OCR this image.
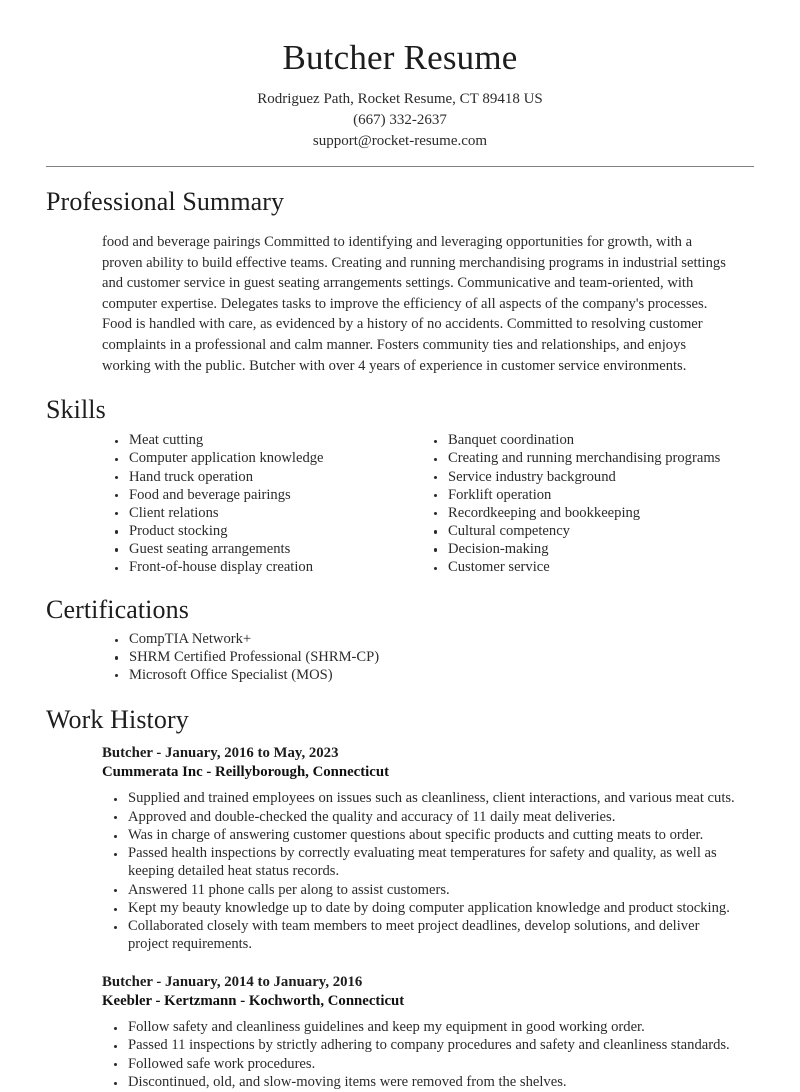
Butcher Resume
Rodriguez Path, Rocket Resume, CT 89418 US
(667) 332-2637
support@rocket-resume.com
Professional Summary

food and beverage pairings Committed to identifying and leveraging opportunities for growth, with a proven ability to build effective teams. Creating and running merchandising programs in industrial settings and customer service in guest seating arrangements settings. Communicative and team-oriented, with computer expertise. Delegates tasks to improve the efficiency of all aspects of the company's processes. Food is handled with care, as evidenced by a history of no accidents. Committed to resolving customer complaints in a professional and calm manner. Fosters community ties and relationships, and enjoys working with the public. Butcher with over 4 years of experience in customer service environments.

Skills
Meat cutting
Computer application knowledge
Hand truck operation
Food and beverage pairings
Client relations
Product stocking
Guest seating arrangements
Front-of-house display creation
Banquet coordination
Creating and running merchandising programs
Service industry background
Forklift operation
Recordkeeping and bookkeeping
Cultural competency
Decision-making
Customer service
Certifications
CompTIA Network+
SHRM Certified Professional (SHRM-CP)
Microsoft Office Specialist (MOS)
Work History
Butcher - January, 2016 to May, 2023
Cummerata Inc - Reillyborough, Connecticut
Supplied and trained employees on issues such as cleanliness, client interactions, and various meat cuts.
Approved and double-checked the quality and accuracy of 11 daily meat deliveries.
Was in charge of answering customer questions about specific products and cutting meats to order.
Passed health inspections by correctly evaluating meat temperatures for safety and quality, as well as keeping detailed heat status records.
Answered 11 phone calls per along to assist customers.
Kept my beauty knowledge up to date by doing computer application knowledge and product stocking.
Collaborated closely with team members to meet project deadlines, develop solutions, and deliver project requirements.
Butcher - January, 2014 to January, 2016
Keebler - Kertzmann - Kochworth, Connecticut
Follow safety and cleanliness guidelines and keep my equipment in good working order.
Passed 11 inspections by strictly adhering to company procedures and safety and cleanliness standards.
Followed safe work procedures.
Discontinued, old, and slow-moving items were removed from the shelves.
